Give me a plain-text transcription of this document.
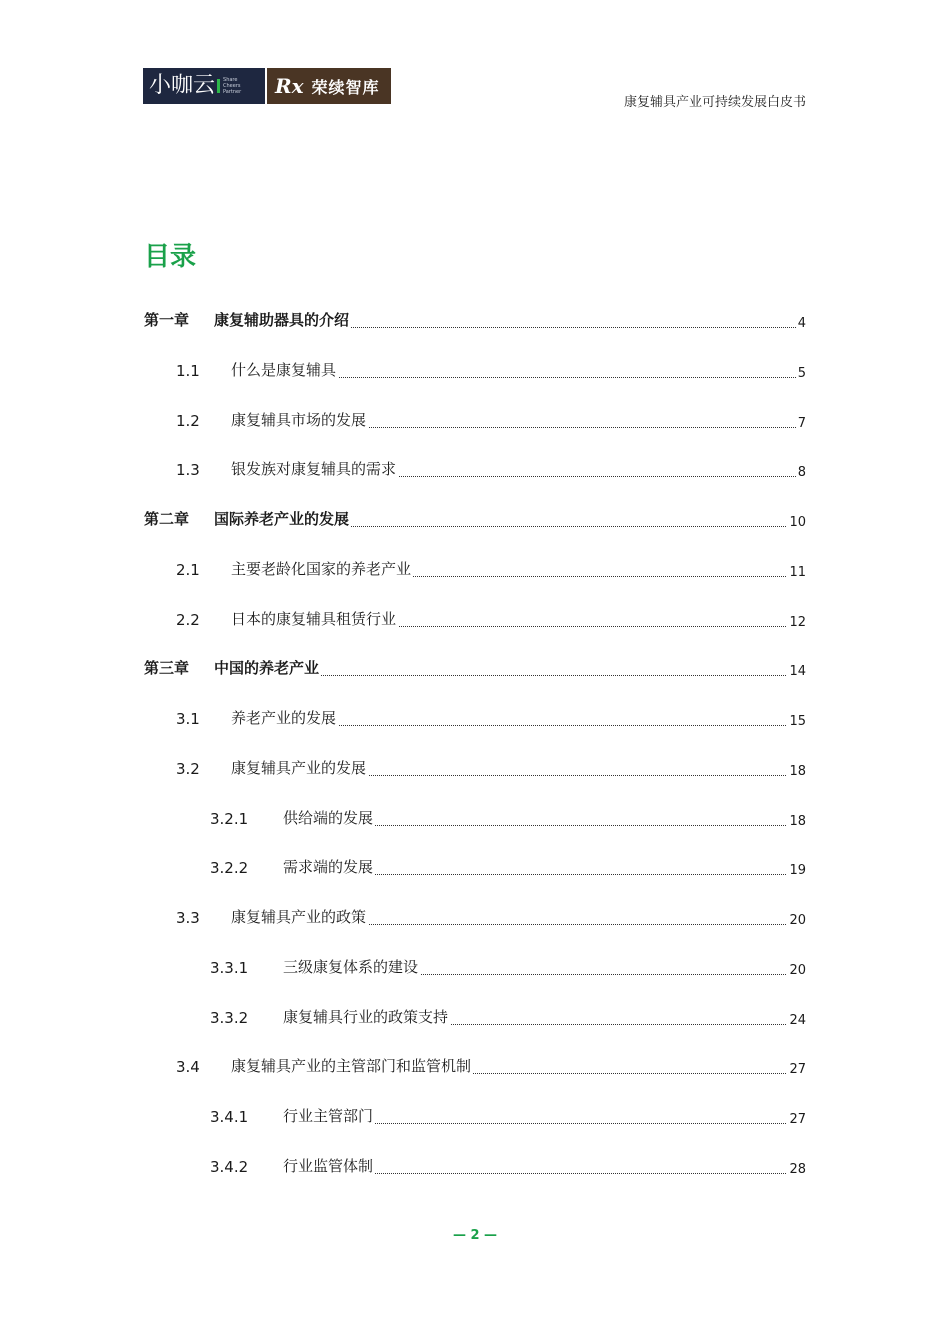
小咖云 Share
Cheers
Partner Rx 荣续智库
康复辅具产业可持续发展白皮书
目录
第一章 康复辅助器具的介绍	4
1.1 什么是康复辅具	5
1.2 康复辅具市场的发展	7
1.3 银发族对康复辅具的需求	8
第二章 国际养老产业的发展	10
2.1 主要老龄化国家的养老产业	11
2.2 日本的康复辅具租赁行业	12
第三章 中国的养老产业	14
3.1 养老产业的发展	15
3.2 康复辅具产业的发展	18
3.2.1 供给端的发展	18
3.2.2 需求端的发展	19
3.3 康复辅具产业的政策	20
3.3.1 三级康复体系的建设	20
3.3.2 康复辅具行业的政策支持	24
3.4 康复辅具产业的主管部门和监管机制	27
3.4.1 行业主管部门	27
3.4.2 行业监管体制	28
— 2 —
